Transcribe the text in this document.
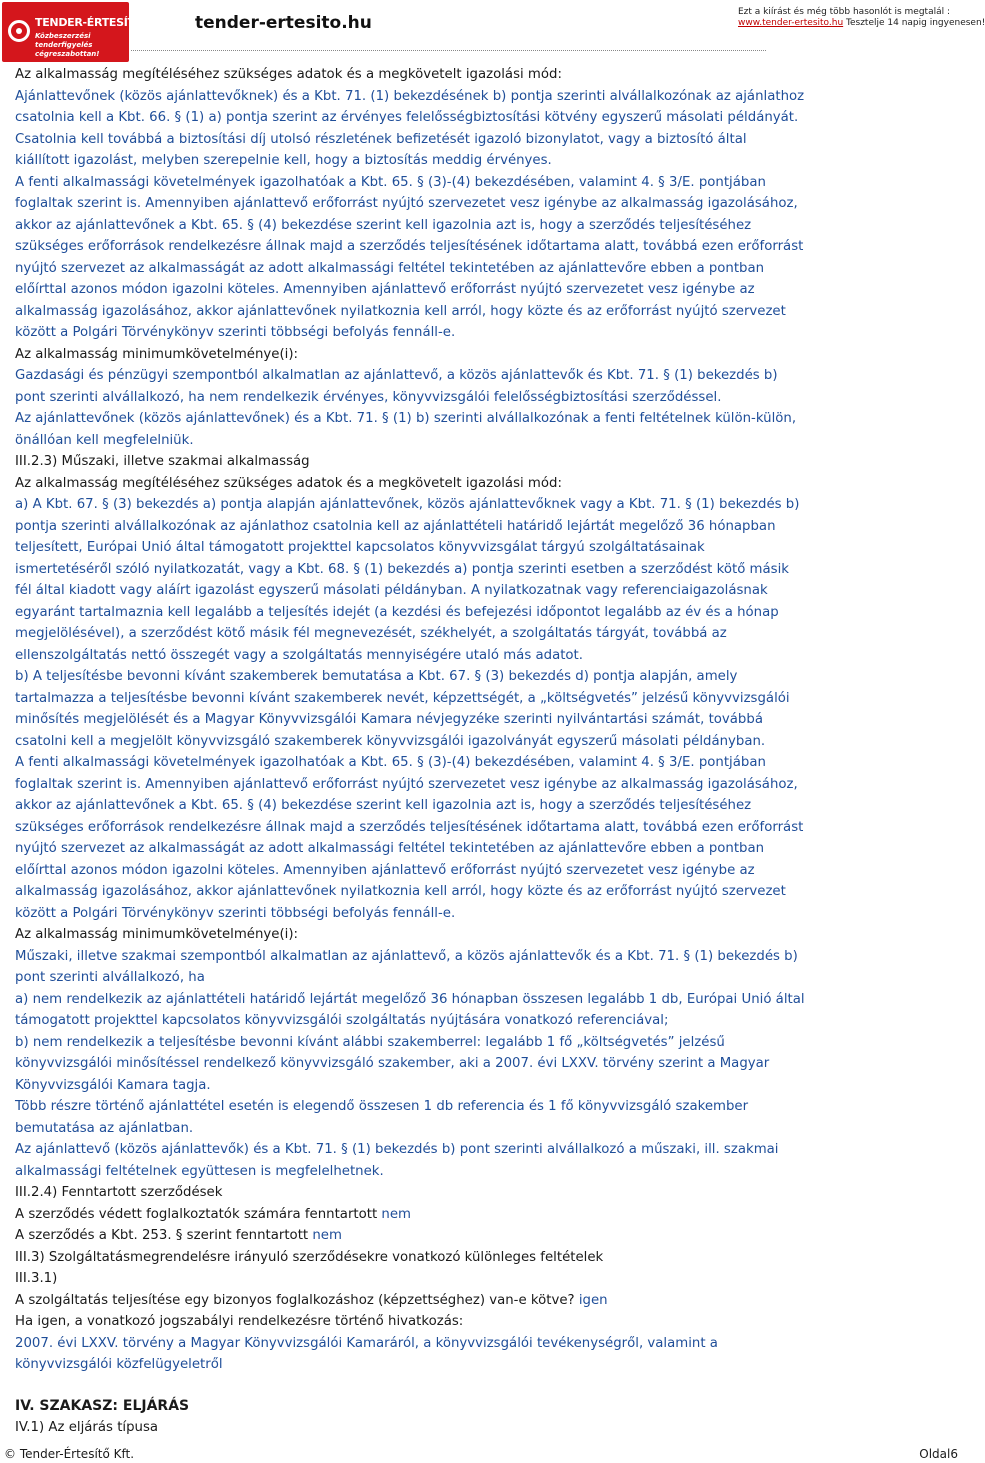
TENDER-ÉRTESÍTŐ.hu
Közbeszerzési tenderfigyelés cégreszabottan!
tender-ertesito.hu
Ezt a kiírást és még több hasonlót is megtalál :
www.tender-ertesito.hu Tesztelje 14 napig ingyenesen!

Az alkalmasság megítéléséhez szükséges adatok és a megkövetelt igazolási mód:

Ajánlattevőnek (közös ajánlattevőknek) és a Kbt. 71. (1) bekezdésének b) pontja szerinti alvállalkozónak az ajánlathoz csatolnia kell a Kbt. 66. § (1) a) pontja szerint az érvényes felelősségbiztosítási kötvény egyszerű másolati példányát.

Csatolnia kell továbbá a biztosítási díj utolsó részletének befizetését igazoló bizonylatot, vagy a biztosító által kiállított igazolást, melyben szerepelnie kell, hogy a biztosítás meddig érvényes.

A fenti alkalmassági követelmények igazolhatóak a Kbt. 65. § (3)-(4) bekezdésében, valamint 4. § 3/E. pontjában foglaltak szerint is. Amennyiben ajánlattevő erőforrást nyújtó szervezetet vesz igénybe az alkalmasság igazolásához, akkor az ajánlattevőnek a Kbt. 65. § (4) bekezdése szerint kell igazolnia azt is, hogy a szerződés teljesítéséhez szükséges erőforrások rendelkezésre állnak majd a szerződés teljesítésének időtartama alatt, továbbá ezen erőforrást nyújtó szervezet az alkalmasságát az adott alkalmassági feltétel tekintetében az ajánlattevőre ebben a pontban előírttal azonos módon igazolni köteles. Amennyiben ajánlattevő erőforrást nyújtó szervezetet vesz igénybe az alkalmasság igazolásához, akkor ajánlattevőnek nyilatkoznia kell arról, hogy közte és az erőforrást nyújtó szervezet között a Polgári Törvénykönyv szerinti többségi befolyás fennáll-e.

Az alkalmasság minimumkövetelménye(i):

Gazdasági és pénzügyi szempontból alkalmatlan az ajánlattevő, a közös ajánlattevők és Kbt. 71. § (1) bekezdés b) pont szerinti alvállalkozó, ha nem rendelkezik érvényes, könyvvizsgálói felelősségbiztosítási szerződéssel.

Az ajánlattevőnek (közös ajánlattevőnek) és a Kbt. 71. § (1) b) szerinti alvállalkozónak a fenti feltételnek külön-külön, önállóan kell megfelelniük.

III.2.3) Műszaki, illetve szakmai alkalmasság

Az alkalmasság megítéléséhez szükséges adatok és a megkövetelt igazolási mód:

a) A Kbt. 67. § (3) bekezdés a) pontja alapján ajánlattevőnek, közös ajánlattevőknek vagy a Kbt. 71. § (1) bekezdés b) pontja szerinti alvállalkozónak az ajánlathoz csatolnia kell az ajánlattételi határidő lejártát megelőző 36 hónapban teljesített, Európai Unió által támogatott projekttel kapcsolatos könyvvizsgálat tárgyú szolgáltatásainak ismertetéséről szóló nyilatkozatát, vagy a Kbt. 68. § (1) bekezdés a) pontja szerinti esetben a szerződést kötő másik fél által kiadott vagy aláírt igazolást egyszerű másolati példányban. A nyilatkozatnak vagy referenciaigazolásnak egyaránt tartalmaznia kell legalább a teljesítés idejét (a kezdési és befejezési időpontot legalább az év és a hónap megjelölésével), a szerződést kötő másik fél megnevezését, székhelyét, a szolgáltatás tárgyát, továbbá az ellenszolgáltatás nettó összegét vagy a szolgáltatás mennyiségére utaló más adatot.

b) A teljesítésbe bevonni kívánt szakemberek bemutatása a Kbt. 67. § (3) bekezdés d) pontja alapján, amely tartalmazza a teljesítésbe bevonni kívánt szakemberek nevét, képzettségét, a „költségvetés” jelzésű könyvvizsgálói minősítés megjelölését és a Magyar Könyvvizsgálói Kamara névjegyzéke szerinti nyilvántartási számát, továbbá csatolni kell a megjelölt könyvvizsgáló szakemberek könyvvizsgálói igazolványát egyszerű másolati példányban.

A fenti alkalmassági követelmények igazolhatóak a Kbt. 65. § (3)-(4) bekezdésében, valamint 4. § 3/E. pontjában foglaltak szerint is. Amennyiben ajánlattevő erőforrást nyújtó szervezetet vesz igénybe az alkalmasság igazolásához, akkor az ajánlattevőnek a Kbt. 65. § (4) bekezdése szerint kell igazolnia azt is, hogy a szerződés teljesítéséhez szükséges erőforrások rendelkezésre állnak majd a szerződés teljesítésének időtartama alatt, továbbá ezen erőforrást nyújtó szervezet az alkalmasságát az adott alkalmassági feltétel tekintetében az ajánlattevőre ebben a pontban előírttal azonos módon igazolni köteles. Amennyiben ajánlattevő erőforrást nyújtó szervezetet vesz igénybe az alkalmasság igazolásához, akkor ajánlattevőnek nyilatkoznia kell arról, hogy közte és az erőforrást nyújtó szervezet között a Polgári Törvénykönyv szerinti többségi befolyás fennáll-e.

Az alkalmasság minimumkövetelménye(i):

Műszaki, illetve szakmai szempontból alkalmatlan az ajánlattevő, a közös ajánlattevők és a Kbt. 71. § (1) bekezdés b) pont szerinti alvállalkozó, ha

a) nem rendelkezik az ajánlattételi határidő lejártát megelőző 36 hónapban összesen legalább 1 db, Európai Unió által támogatott projekttel kapcsolatos könyvvizsgálói szolgáltatás nyújtására vonatkozó referenciával;

b) nem rendelkezik a teljesítésbe bevonni kívánt alábbi szakemberrel: legalább 1 fő „költségvetés” jelzésű könyvvizsgálói minősítéssel rendelkező könyvvizsgáló szakember, aki a 2007. évi LXXV. törvény szerint a Magyar Könyvvizsgálói Kamara tagja.

Több részre történő ajánlattétel esetén is elegendő összesen 1 db referencia és 1 fő könyvvizsgáló szakember bemutatása az ajánlatban.

Az ajánlattevő (közös ajánlattevők) és a Kbt. 71. § (1) bekezdés b) pont szerinti alvállalkozó a műszaki, ill. szakmai alkalmassági feltételnek együttesen is megfelelhetnek.

III.2.4) Fenntartott szerződések

A szerződés védett foglalkoztatók számára fenntartott nem

A szerződés a Kbt. 253. § szerint fenntartott nem

III.3) Szolgáltatásmegrendelésre irányuló szerződésekre vonatkozó különleges feltételek

III.3.1)

A szolgáltatás teljesítése egy bizonyos foglalkozáshoz (képzettséghez) van-e kötve? igen

Ha igen, a vonatkozó jogszabályi rendelkezésre történő hivatkozás:

2007. évi LXXV. törvény a Magyar Könyvvizsgálói Kamaráról, a könyvvizsgálói tevékenységről, valamint a könyvvizsgálói közfelügyeletről

IV. SZAKASZ: ELJÁRÁS

IV.1) Az eljárás típusa

© Tender-Értesítő Kft.	Oldal6
